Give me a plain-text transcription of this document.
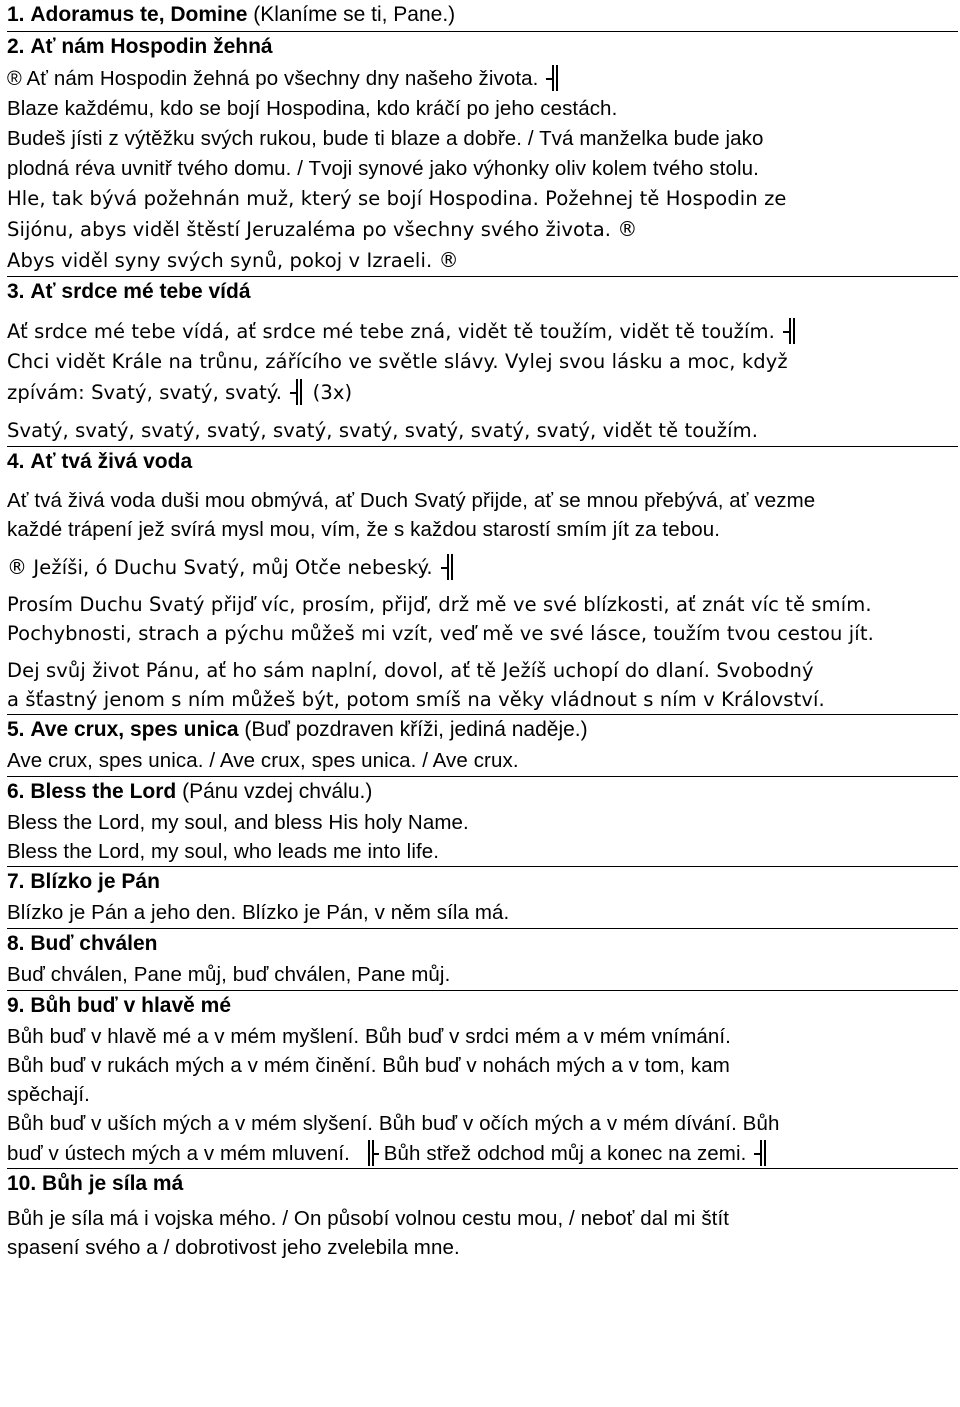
1. Adoramus te, Domine (Klaníme se ti, Pane.)
2. Ať nám Hospodin žehná

® Ať nám Hospodin žehná po všechny dny našeho života.

Blaze každému, kdo se bojí Hospodina, kdo kráčí po jeho cestách.

Budeš jísti z výtěžku svých rukou, bude ti blaze a dobře. / Tvá manželka bude jako

plodná réva uvnitř tvého domu. / Tvoji synové jako výhonky oliv kolem tvého stolu.

Hle, tak bývá požehnán muž, který se bojí Hospodina. Požehnej tě Hospodin ze

Sijónu, abys viděl štěstí Jeruzaléma po všechny svého života. ®

Abys viděl syny svých synů, pokoj v Izraeli. ®

3. Ať srdce mé tebe vídá

Ať srdce mé tebe vídá, ať srdce mé tebe zná, vidět tě toužím, vidět tě toužím.

Chci vidět Krále na trůnu, zářícího ve světle slávy. Vylej svou lásku a moc, když

zpívám: Svatý, svatý, svatý. (3x)

Svatý, svatý, svatý, svatý, svatý, svatý, svatý, svatý, svatý, vidět tě toužím.

4. Ať tvá živá voda

Ať tvá živá voda duši mou obmývá, ať Duch Svatý přijde, ať se mnou přebývá, ať vezme

každé trápení jež svírá mysl mou, vím, že s každou starostí smím jít za tebou.

® Ježíši, ó Duchu Svatý, můj Otče nebeský.

Prosím Duchu Svatý přijď víc, prosím, přijď, drž mě ve své blízkosti, ať znát víc tě smím.

Pochybnosti, strach a pýchu můžeš mi vzít, veď mě ve své lásce, toužím tvou cestou jít.

Dej svůj život Pánu, ať ho sám naplní, dovol, ať tě Ježíš uchopí do dlaní. Svobodný

a šťastný jenom s ním můžeš být, potom smíš na věky vládnout s ním v Království.

5. Ave crux, spes unica (Buď pozdraven kříži, jediná naděje.)

Ave crux, spes unica. / Ave crux, spes unica. / Ave crux.

6. Bless the Lord (Pánu vzdej chválu.)

Bless the Lord, my soul, and bless His holy Name.

Bless the Lord, my soul, who leads me into life.

7. Blízko je Pán

Blízko je Pán a jeho den. Blízko je Pán, v něm síla má.

8. Buď chválen

Buď chválen, Pane můj, buď chválen, Pane můj.

9. Bůh buď v hlavě mé

Bůh buď v hlavě mé a v mém myšlení. Bůh buď v srdci mém a v mém vnímání.

Bůh buď v rukách mých a v mém činění. Bůh buď v nohách mých a v tom, kam

spěchají.

Bůh buď v uších mých a v mém slyšení. Bůh buď v očích mých a v mém dívání. Bůh

buď v ústech mých a v mém mluvení. Bůh střež odchod můj a konec na zemi.

10. Bůh je síla má

Bůh je síla má i vojska mého. / On působí volnou cestu mou, / neboť dal mi štít

spasení svého a / dobrotivost jeho zvelebila mne.
